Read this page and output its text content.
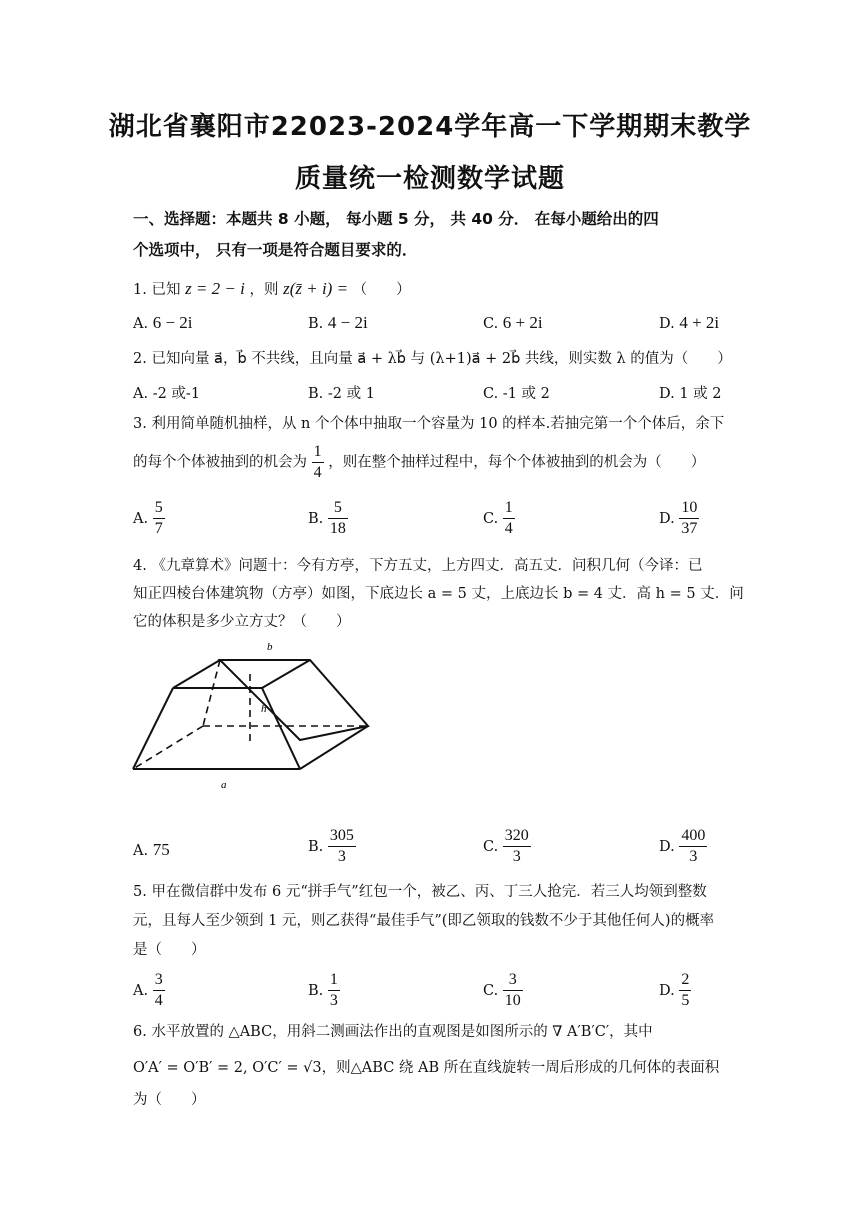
湖北省襄阳市22023-2024学年高一下学期期末教学
质量统一检测数学试题
一、选择题：本题共 8 小题， 每小题 5 分， 共 40 分． 在每小题给出的四
个选项中， 只有一项是符合题目要求的．
1. 已知 z = 2 − i ，则 z(z̄ + i) = （　　）
A. 6 − 2i	B. 4 − 2i	C. 6 + 2i	D. 4 + 2i
2. 已知向量 a⃗，b⃗ 不共线，且向量 a⃗ + λb⃗ 与 (λ+1)a⃗ + 2b⃗ 共线，则实数 λ 的值为（　　）
A. -2 或-1	B. -2 或 1	C. -1 或 2	D. 1 或 2
3. 利用简单随机抽样，从 n 个个体中抽取一个容量为 10 的样本.若抽完第一个个体后，余下
的每个个体被抽到的机会为 $\frac{1}{4}$ ，则在整个抽样过程中，每个个体被抽到的机会为（　　）
A. $\frac{5}{7}$	B. $\frac{5}{18}$	C. $\frac{1}{4}$	D. $\frac{10}{37}$
4. 《九章算术》问题十：今有方亭，下方五丈，上方四丈．高五丈．问积几何（今译：已
知正四棱台体建筑物（方亭）如图，下底边长 a = 5 丈，上底边长 b = 4 丈．高 h = 5 丈．问
它的体积是多少立方丈？（　　）
b
h
a
A. 75	B. $\frac{305}{3}$	C. $\frac{320}{3}$	D. $\frac{400}{3}$
5. 甲在微信群中发布 6 元“拼手气”红包一个，被乙、丙、丁三人抢完．若三人均领到整数
元，且每人至少领到 1 元，则乙获得“最佳手气”(即乙领取的钱数不少于其他任何人)的概率
是（　　）
A. $\frac{3}{4}$	B. $\frac{1}{3}$	C. $\frac{3}{10}$	D. $\frac{2}{5}$
6. 水平放置的 △ABC，用斜二测画法作出的直观图是如图所示的 ∇ A′B′C′，其中
O′A′ = O′B′ = 2, O′C′ = √3，则△ABC 绕 AB 所在直线旋转一周后形成的几何体的表面积
为（　　）
